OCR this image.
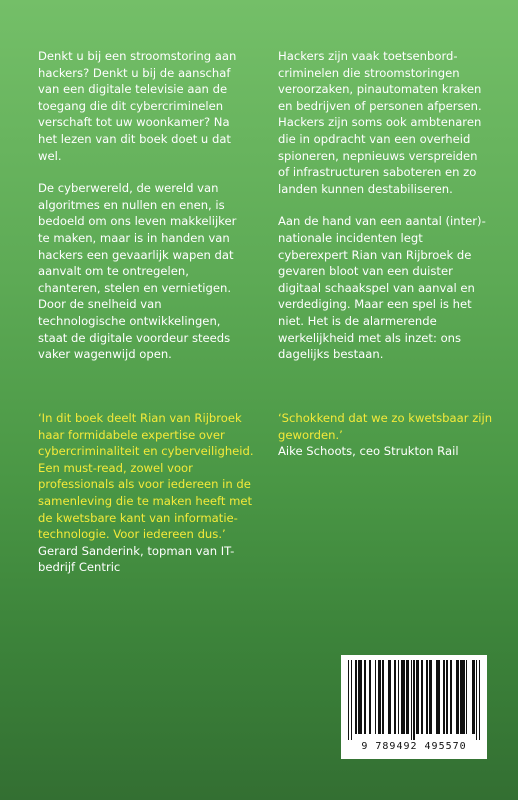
Denkt u bij een stroomstoring aan hackers? Denkt u bij de aanschaf van een digitale televisie aan de toegang die dit cybercriminelen verschaft tot uw woonkamer? Na het lezen van dit boek doet u dat wel.

De cyberwereld, de wereld van algoritmes en nullen en enen, is bedoeld om ons leven makkelijker te maken, maar is in handen van hackers een gevaarlijk wapen dat aanvalt om te ontregelen, chanteren, stelen en vernietigen. Door de snelheid van technologische ontwikkelingen, staat de digitale voordeur steeds vaker wagenwijd open.

Hackers zijn vaak toetsenbord-criminelen die stroomstoringen veroorzaken, pinautomaten kraken en bedrijven of personen afpersen. Hackers zijn soms ook ambtenaren die in opdracht van een overheid spioneren, nepnieuws verspreiden of infrastructuren saboteren en zo landen kunnen destabiliseren.

Aan de hand van een aantal (inter)-nationale incidenten legt cyberexpert Rian van Rijbroek de gevaren bloot van een duister digitaal schaakspel van aanval en verdediging. Maar een spel is het niet. Het is de alarmerende werkelijkheid met als inzet: ons dagelijks bestaan.

‘In dit boek deelt Rian van Rijbroek haar formidabele expertise over cybercriminaliteit en cyberveiligheid. Een must-read, zowel voor professionals als voor iedereen in de samenleving die te maken heeft met de kwetsbare kant van informatie-technologie. Voor iedereen dus.’

Gerard Sanderink, topman van IT-bedrijf Centric

‘Schokkend dat we zo kwetsbaar zijn geworden.’

Aike Schoots, ceo Strukton Rail

9 789492 495570
